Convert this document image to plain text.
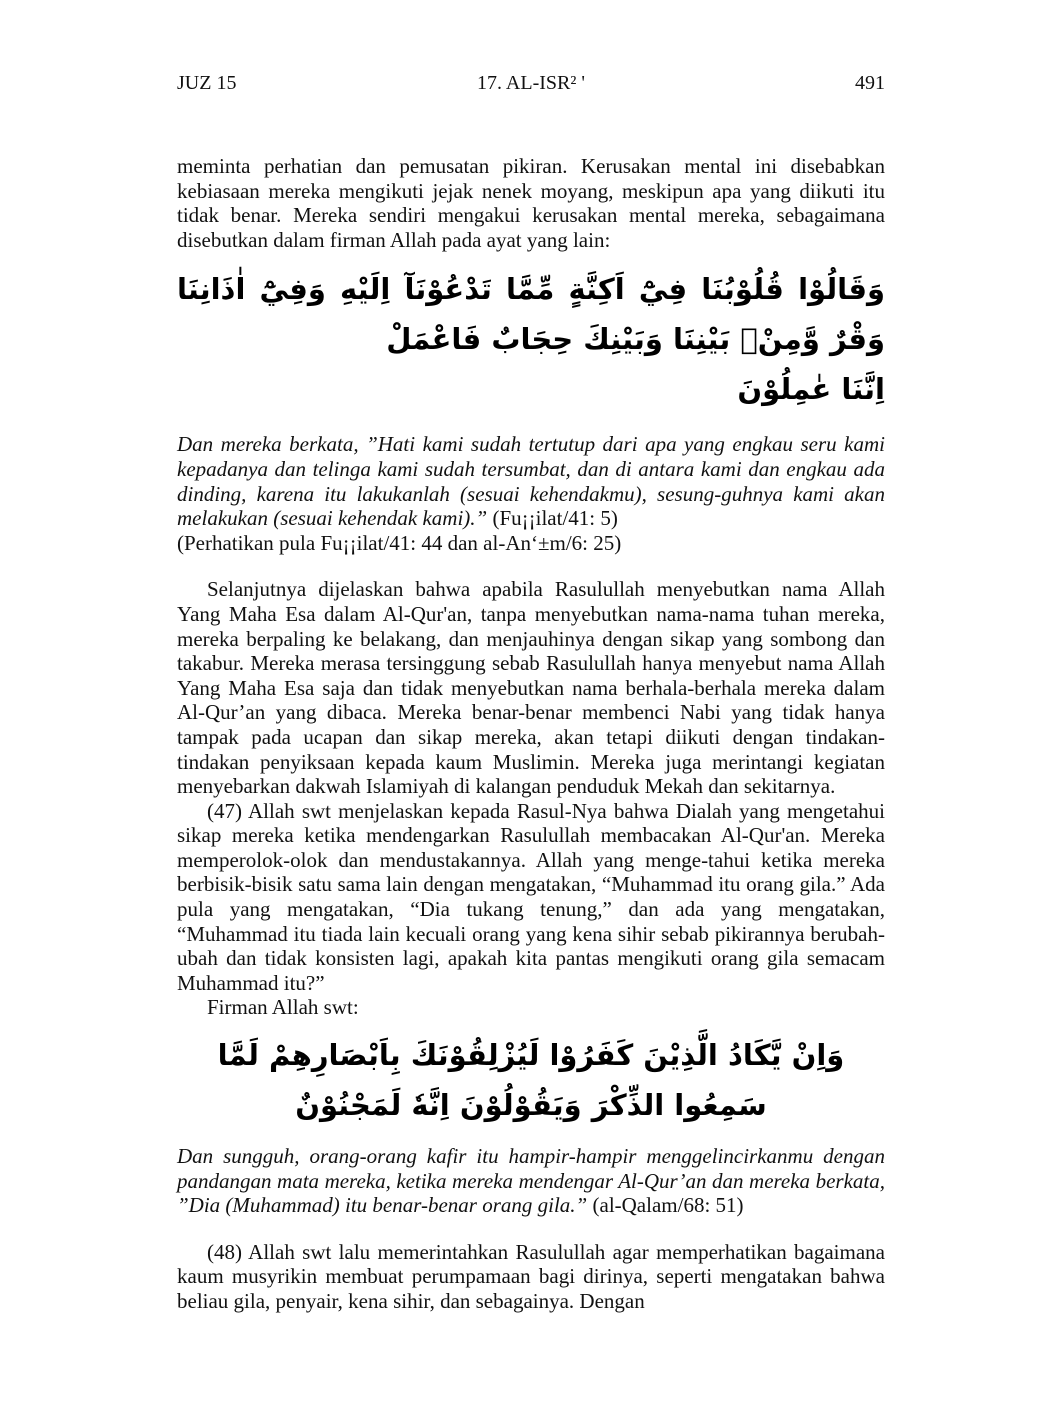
JUZ 15	17. AL-ISR² '	491

meminta perhatian dan pemusatan pikiran. Kerusakan mental ini disebabkan kebiasaan mereka mengikuti jejak nenek moyang, meskipun apa yang diikuti itu tidak benar. Mereka sendiri mengakui kerusakan mental mereka, sebagaimana disebutkan dalam firman Allah pada ayat yang lain:

وَقَالُوْا قُلُوْبُنَا فِيْٓ اَكِنَّةٍ مِّمَّا تَدْعُوْنَآ اِلَيْهِ وَفِيْٓ اٰذَانِنَا وَقْرٌ وَّمِنْۢ بَيْنِنَا وَبَيْنِكَ حِجَابٌ فَاعْمَلْ
اِنَّنَا عٰمِلُوْنَ

Dan mereka berkata, ”Hati kami sudah tertutup dari apa yang engkau seru kami kepadanya dan telinga kami sudah tersumbat, dan di antara kami dan engkau ada dinding, karena itu lakukanlah (sesuai kehendakmu), sesung-guhnya kami akan melakukan (sesuai kehendak kami).” (Fu¡¡ilat/41: 5)

(Perhatikan pula Fu¡¡ilat/41: 44 dan al-An‘±m/6: 25)

Selanjutnya dijelaskan bahwa apabila Rasulullah menyebutkan nama Allah Yang Maha Esa dalam Al-Qur'an, tanpa menyebutkan nama-nama tuhan mereka, mereka berpaling ke belakang, dan menjauhinya dengan sikap yang sombong dan takabur. Mereka merasa tersinggung sebab Rasulullah hanya menyebut nama Allah Yang Maha Esa saja dan tidak menyebutkan nama berhala-berhala mereka dalam Al-Qur’an yang dibaca. Mereka benar-benar membenci Nabi yang tidak hanya tampak pada ucapan dan sikap mereka, akan tetapi diikuti dengan tindakan-tindakan penyiksaan kepada kaum Muslimin. Mereka juga merintangi kegiatan menyebarkan dakwah Islamiyah di kalangan penduduk Mekah dan sekitarnya.

(47) Allah swt menjelaskan kepada Rasul-Nya bahwa Dialah yang mengetahui sikap mereka ketika mendengarkan Rasulullah membacakan Al-Qur'an. Mereka memperolok-olok dan mendustakannya. Allah yang menge-tahui ketika mereka berbisik-bisik satu sama lain dengan mengatakan, “Muhammad itu orang gila.” Ada pula yang mengatakan, “Dia tukang tenung,” dan ada yang mengatakan, “Muhammad itu tiada lain kecuali orang yang kena sihir sebab pikirannya berubah-ubah dan tidak konsisten lagi, apakah kita pantas mengikuti orang gila semacam Muhammad itu?”

Firman Allah swt:

وَاِنْ يَّكَادُ الَّذِيْنَ كَفَرُوْا لَيُزْلِقُوْنَكَ بِاَبْصَارِهِمْ لَمَّا سَمِعُوا الذِّكْرَ وَيَقُوْلُوْنَ اِنَّهٗ لَمَجْنُوْنٌ

Dan sungguh, orang-orang kafir itu hampir-hampir menggelincirkanmu dengan pandangan mata mereka, ketika mereka mendengar Al-Qur’an dan mereka berkata, ”Dia (Muhammad) itu benar-benar orang gila.” (al-Qalam/68: 51)

(48) Allah swt lalu memerintahkan Rasulullah agar memperhatikan bagaimana kaum musyrikin membuat perumpamaan bagi dirinya, seperti mengatakan bahwa beliau gila, penyair, kena sihir, dan sebagainya. Dengan
